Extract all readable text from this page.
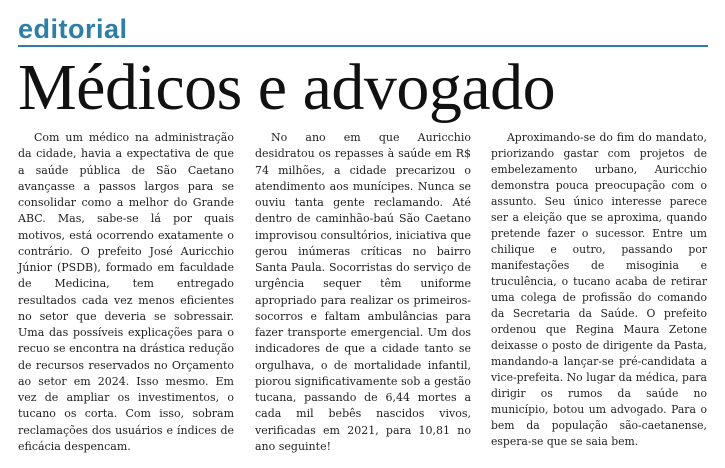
editorial
Médicos e advogado

Com um médico na administração da cidade, havia a expectativa de que a saúde pública de São Caetano avançasse a passos largos para se consolidar como a melhor do Grande ABC. Mas, sabe-se lá por quais motivos, está ocorrendo exatamente o contrário. O prefeito José Auricchio Júnior (PSDB), formado em faculdade de Medicina, tem entregado resultados cada vez menos eficientes no setor que deveria se sobressair. Uma das possíveis explicações para o recuo se encontra na drástica redução de recursos reservados no Orçamento ao setor em 2024. Isso mesmo. Em vez de ampliar os investimentos, o tucano os corta. Com isso, sobram reclamações dos usuários e índices de eficácia despencam.

No ano em que Auricchio desidratou os repasses à saúde em R$ 74 milhões, a cidade precarizou o atendimento aos munícipes. Nunca se ouviu tanta gente reclamando. Até dentro de caminhão-baú São Caetano improvisou consultórios, iniciativa que gerou inúmeras críticas no bairro Santa Paula. Socorristas do serviço de urgência sequer têm uniforme apropriado para realizar os primeiros-socorros e faltam ambulâncias para fazer transporte emergencial. Um dos indicadores de que a cidade tanto se orgulhava, o de mortalidade infantil, piorou significativamente sob a gestão tucana, passando de 6,44 mortes a cada mil bebês nascidos vivos, verificadas em 2021, para 10,81 no ano seguinte!

Aproximando-se do fim do mandato, priorizando gastar com projetos de embelezamento urbano, Auricchio demonstra pouca preocupação com o assunto. Seu único interesse parece ser a eleição que se aproxima, quando pretende fazer o sucessor. Entre um chilique e outro, passando por manifestações de misoginia e truculência, o tucano acaba de retirar uma colega de profissão do comando da Secretaria da Saúde. O prefeito ordenou que Regina Maura Zetone deixasse o posto de dirigente da Pasta, mandando-a lançar-se pré-candidata a vice-prefeita. No lugar da médica, para dirigir os rumos da saúde no município, botou um advogado. Para o bem da população são-caetanense, espera-se que se saia bem.
